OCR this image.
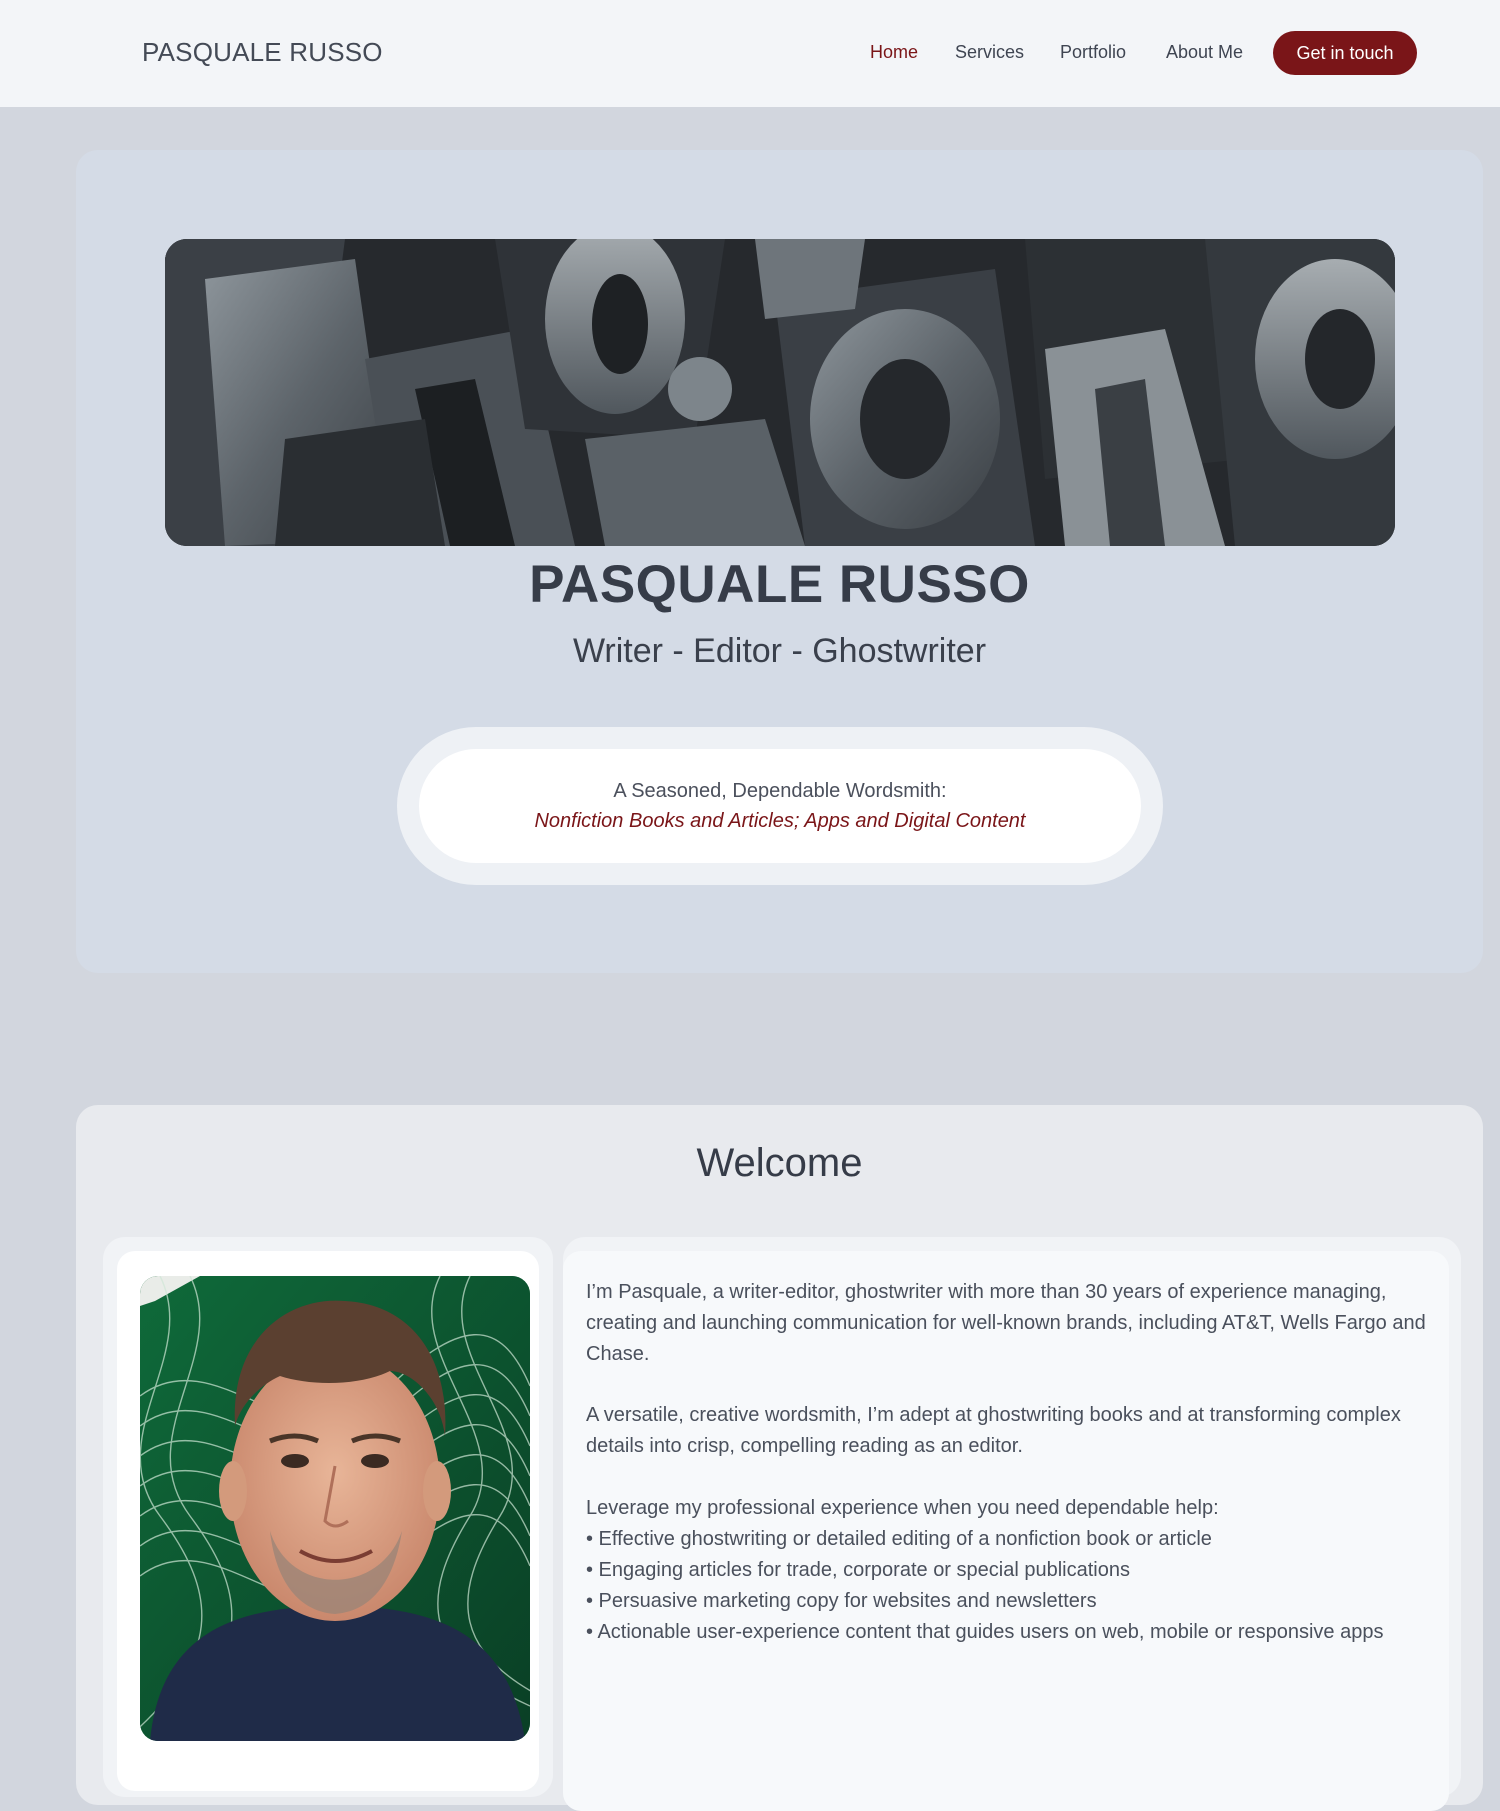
PASQUALE RUSSO	Home Services Portfolio About Me	Get in touch
PASQUALE RUSSO
Writer - Editor - Ghostwriter
A Seasoned, Dependable Wordsmith:
Nonfiction Books and Articles; Apps and Digital Content
Welcome
I’m Pasquale, a writer-editor, ghostwriter with more than 30 years of experience managing, creating and launching communication for well-known brands, including AT&T, Wells Fargo and Chase.
A versatile, creative wordsmith, I’m adept at ghostwriting books and at transforming complex details into crisp, compelling reading as an editor.
Leverage my professional experience when you need dependable help:
• Effective ghostwriting or detailed editing of a nonfiction book or article
• Engaging articles for trade, corporate or special publications
• Persuasive marketing copy for websites and newsletters
• Actionable user-experience content that guides users on web, mobile or responsive apps
